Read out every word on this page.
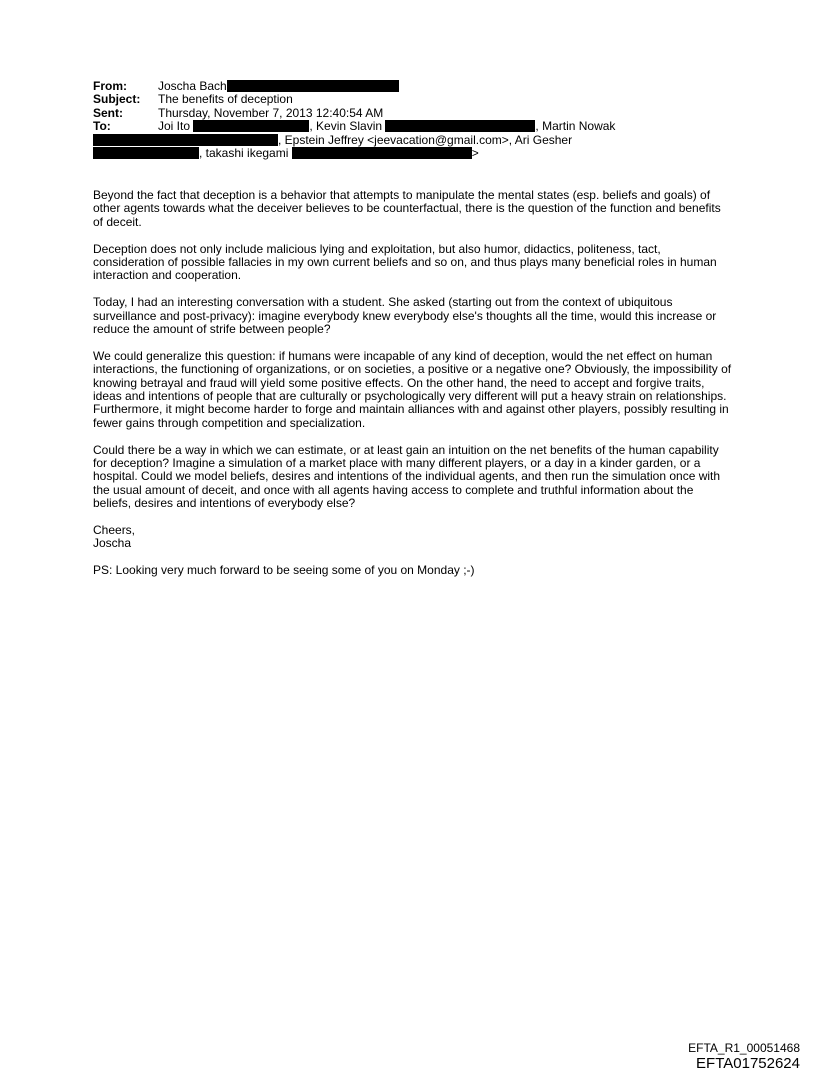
From:	Joscha Bach
Subject: The benefits of deception
Sent:	Thursday, November 7, 2013 12:40:54 AM
To:	Joi Ito	, Kevin Slavin	, Martin Nowak
, Epstein Jeffrey <jeevacation@gmail.com>, Ari Gesher
, takashi ikegami	>

Beyond the fact that deception is a behavior that attempts to manipulate the mental states (esp. beliefs and goals) of other agents towards what the deceiver believes to be counterfactual, there is the question of the function and benefits of deceit.

Deception does not only include malicious lying and exploitation, but also humor, didactics, politeness, tact, consideration of possible fallacies in my own current beliefs and so on, and thus plays many beneficial roles in human interaction and cooperation.

Today, I had an interesting conversation with a student. She asked (starting out from the context of ubiquitous surveillance and post-privacy): imagine everybody knew everybody else's thoughts all the time, would this increase or reduce the amount of strife between people?

We could generalize this question: if humans were incapable of any kind of deception, would the net effect on human interactions, the functioning of organizations, or on societies, a positive or a negative one? Obviously, the impossibility of knowing betrayal and fraud will yield some positive effects. On the other hand, the need to accept and forgive traits, ideas and intentions of people that are culturally or psychologically very different will put a heavy strain on relationships. Furthermore, it might become harder to forge and maintain alliances with and against other players, possibly resulting in fewer gains through competition and specialization.

Could there be a way in which we can estimate, or at least gain an intuition on the net benefits of the human capability for deception? Imagine a simulation of a market place with many different players, or a day in a kinder garden, or a hospital. Could we model beliefs, desires and intentions of the individual agents, and then run the simulation once with the usual amount of deceit, and once with all agents having access to complete and truthful information about the beliefs, desires and intentions of everybody else?

Cheers,
Joscha

PS: Looking very much forward to be seeing some of you on Monday ;-)

EFTA_R1_00051468
EFTA01752624
